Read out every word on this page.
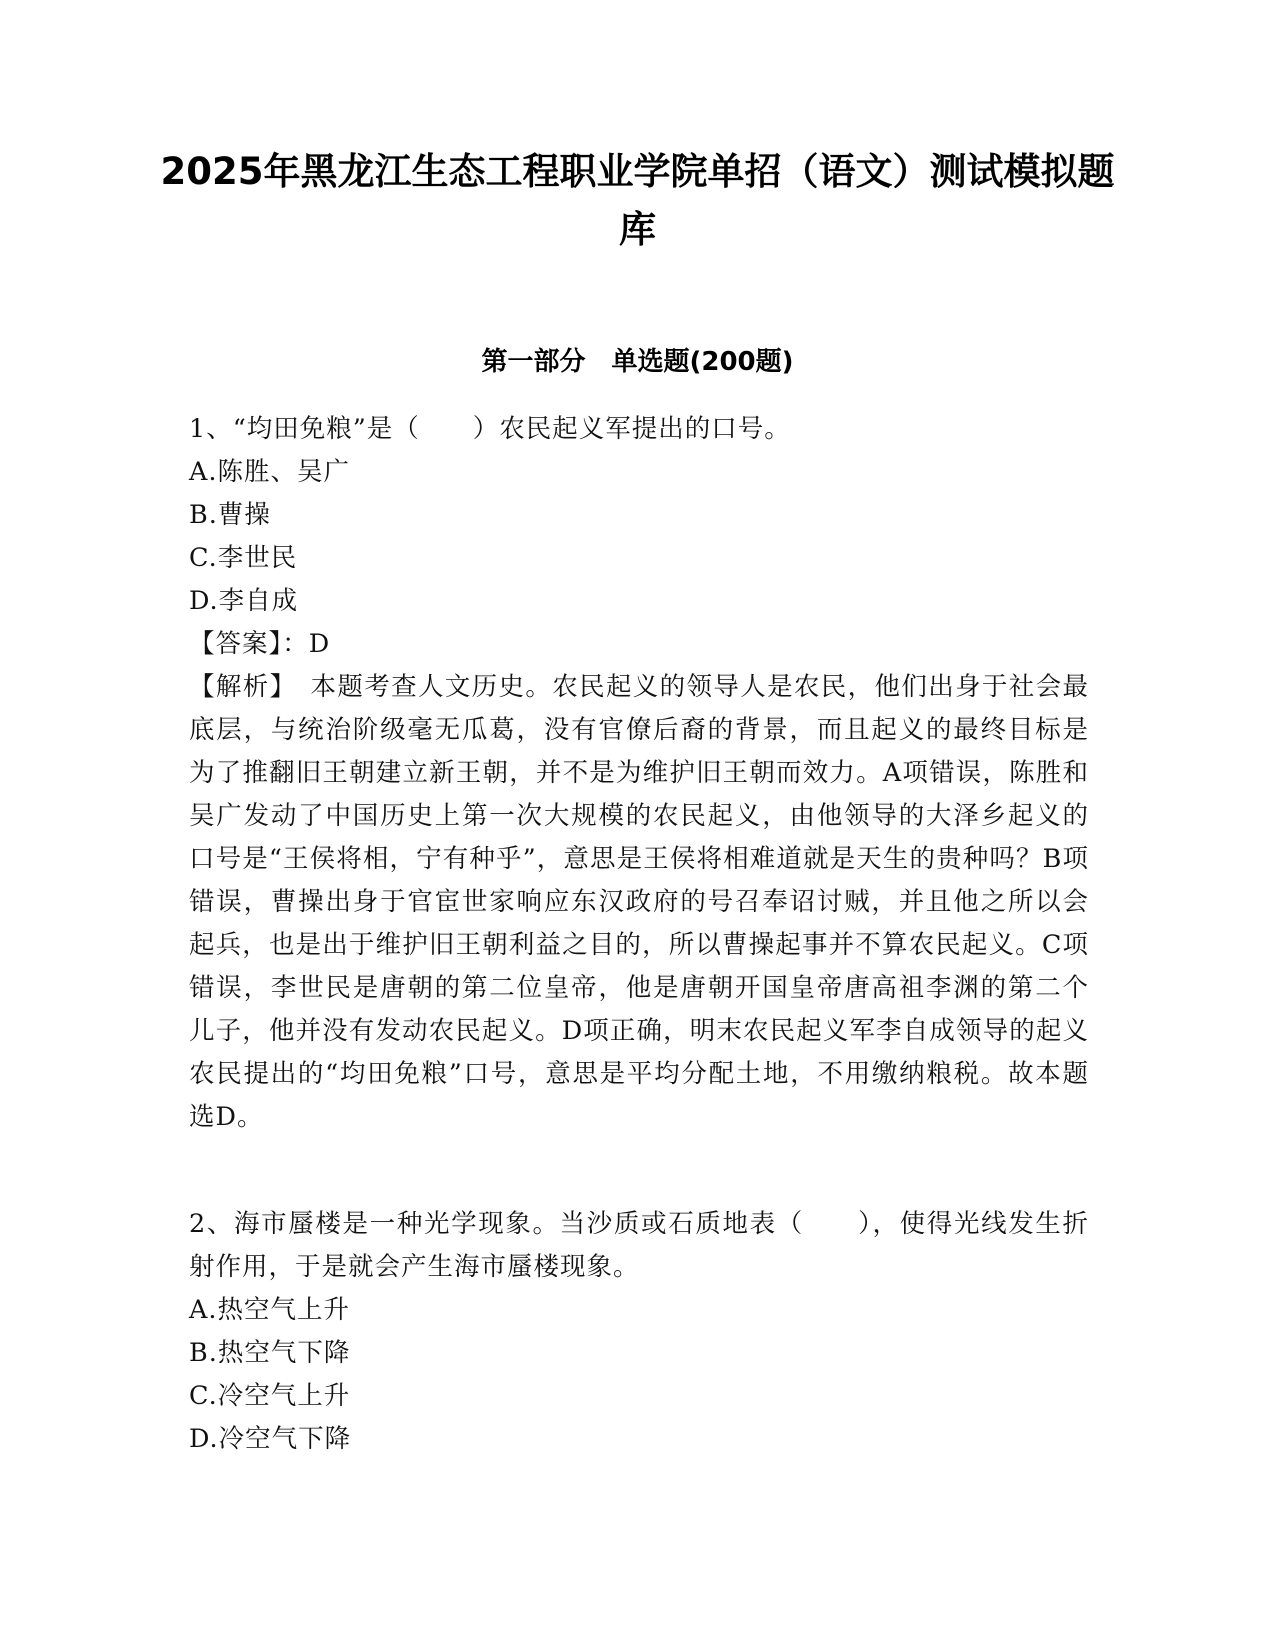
2025年黑龙江生态工程职业学院单招（语文）测试模拟题库
第一部分　单选题(200题)
1、“均田免粮”是（　　）农民起义军提出的口号。
A.陈胜、吴广
B.曹操
C.李世民
D.李自成
【答案】：D
【解析】　本题考查人文历史。农民起义的领导人是农民，他们出身于社会最底层，与统治阶级毫无瓜葛，没有官僚后裔的背景，而且起义的最终目标是为了推翻旧王朝建立新王朝，并不是为维护旧王朝而效力。A项错误，陈胜和吴广发动了中国历史上第一次大规模的农民起义，由他领导的大泽乡起义的口号是“王侯将相，宁有种乎”，意思是王侯将相难道就是天生的贵种吗？B项错误，曹操出身于官宦世家响应东汉政府的号召奉诏讨贼，并且他之所以会起兵，也是出于维护旧王朝利益之目的，所以曹操起事并不算农民起义。C项错误，李世民是唐朝的第二位皇帝，他是唐朝开国皇帝唐高祖李渊的第二个儿子，他并没有发动农民起义。D项正确，明末农民起义军李自成领导的起义农民提出的“均田免粮”口号，意思是平均分配土地，不用缴纳粮税。故本题选D。
2、海市蜃楼是一种光学现象。当沙质或石质地表（　　），使得光线发生折射作用，于是就会产生海市蜃楼现象。
A.热空气上升
B.热空气下降
C.冷空气上升
D.冷空气下降
